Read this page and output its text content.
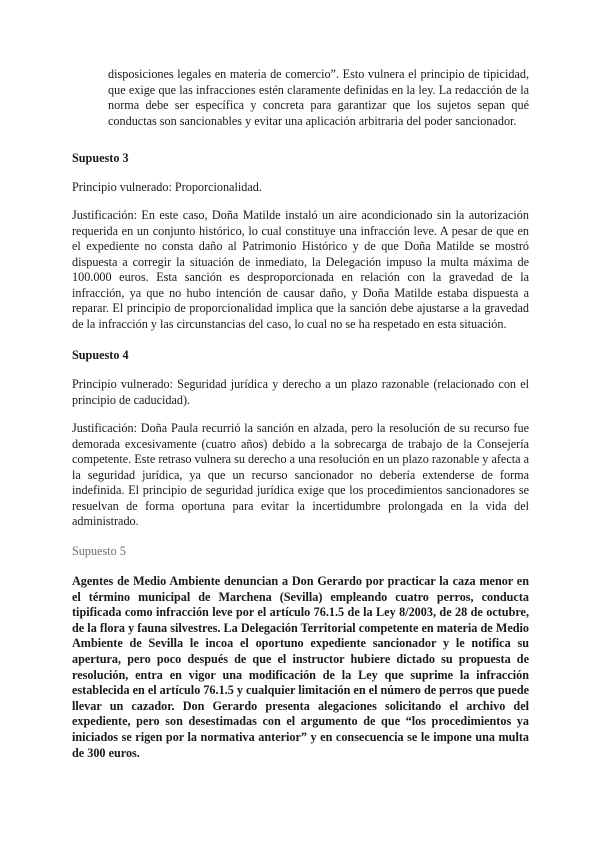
disposiciones legales en materia de comercio”. Esto vulnera el principio de tipicidad, que exige que las infracciones estén claramente definidas en la ley. La redacción de la norma debe ser específica y concreta para garantizar que los sujetos sepan qué conductas son sancionables y evitar una aplicación arbitraria del poder sancionador.

Supuesto 3

Principio vulnerado: Proporcionalidad.

Justificación: En este caso, Doña Matilde instaló un aire acondicionado sin la autorización requerida en un conjunto histórico, lo cual constituye una infracción leve. A pesar de que en el expediente no consta daño al Patrimonio Histórico y de que Doña Matilde se mostró dispuesta a corregir la situación de inmediato, la Delegación impuso la multa máxima de 100.000 euros. Esta sanción es desproporcionada en relación con la gravedad de la infracción, ya que no hubo intención de causar daño, y Doña Matilde estaba dispuesta a reparar. El principio de proporcionalidad implica que la sanción debe ajustarse a la gravedad de la infracción y las circunstancias del caso, lo cual no se ha respetado en esta situación.

Supuesto 4

Principio vulnerado: Seguridad jurídica y derecho a un plazo razonable (relacionado con el principio de caducidad).

Justificación: Doña Paula recurrió la sanción en alzada, pero la resolución de su recurso fue demorada excesivamente (cuatro años) debido a la sobrecarga de trabajo de la Consejería competente. Este retraso vulnera su derecho a una resolución en un plazo razonable y afecta a la seguridad jurídica, ya que un recurso sancionador no debería extenderse de forma indefinida. El principio de seguridad jurídica exige que los procedimientos sancionadores se resuelvan de forma oportuna para evitar la incertidumbre prolongada en la vida del administrado.

Supuesto 5

Agentes de Medio Ambiente denuncian a Don Gerardo por practicar la caza menor en el término municipal de Marchena (Sevilla) empleando cuatro perros, conducta tipificada como infracción leve por el artículo 76.1.5 de la Ley 8/2003, de 28 de octubre, de la flora y fauna silvestres. La Delegación Territorial competente en materia de Medio Ambiente de Sevilla le incoa el oportuno expediente sancionador y le notifica su apertura, pero poco después de que el instructor hubiere dictado su propuesta de resolución, entra en vigor una modificación de la Ley que suprime la infracción establecida en el artículo 76.1.5 y cualquier limitación en el número de perros que puede llevar un cazador. Don Gerardo presenta alegaciones solicitando el archivo del expediente, pero son desestimadas con el argumento de que “los procedimientos ya iniciados se rigen por la normativa anterior” y en consecuencia se le impone una multa de 300 euros.
